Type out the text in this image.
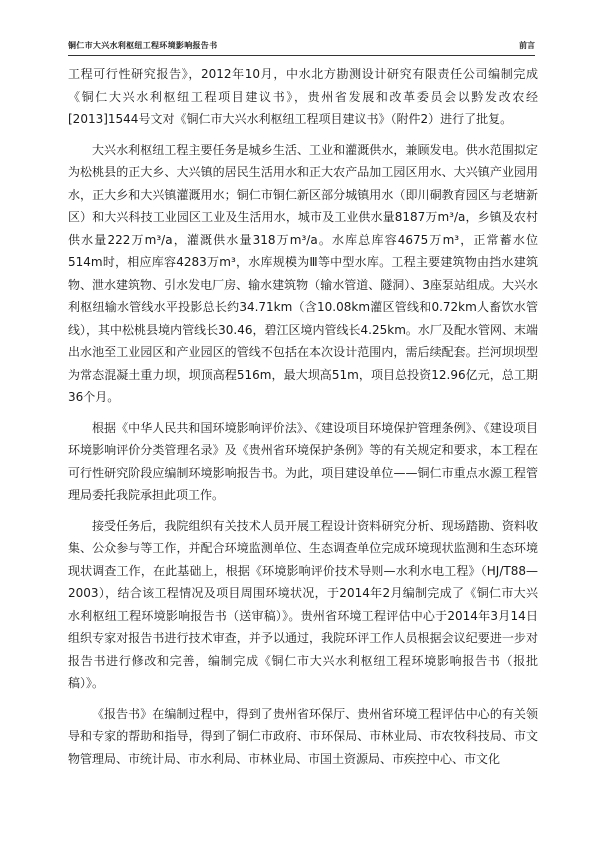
铜仁市大兴水利枢纽工程环境影响报告书	前言

工程可行性研究报告》，2012年10月，中水北方勘测设计研究有限责任公司编制完成《铜仁大兴水利枢纽工程项目建议书》，贵州省发展和改革委员会以黔发改农经[2013]1544号文对《铜仁市大兴水利枢纽工程项目建议书》（附件2）进行了批复。

大兴水利枢纽工程主要任务是城乡生活、工业和灌溉供水，兼顾发电。供水范围拟定为松桃县的正大乡、大兴镇的居民生活用水和正大农产品加工园区用水、大兴镇产业园用水，正大乡和大兴镇灌溉用水；铜仁市铜仁新区部分城镇用水（即川硐教育园区与老塘新区）和大兴科技工业园区工业及生活用水，城市及工业供水量8187万m³/a，乡镇及农村供水量222万m³/a，灌溉供水量318万m³/a。水库总库容4675万m³，正常蓄水位514m时，相应库容4283万m³，水库规模为Ⅲ等中型水库。工程主要建筑物由挡水建筑物、泄水建筑物、引水发电厂房、输水建筑物（输水管道、隧洞）、3座泵站组成。大兴水利枢纽输水管线水平投影总长约34.71km（含10.08km灌区管线和0.72km人畜饮水管线），其中松桃县境内管线长30.46，碧江区境内管线长4.25km。水厂及配水管网、末端出水池至工业园区和产业园区的管线不包括在本次设计范围内，需后续配套。拦河坝坝型为常态混凝土重力坝，坝顶高程516m，最大坝高51m，项目总投资12.96亿元，总工期36个月。

根据《中华人民共和国环境影响评价法》、《建设项目环境保护管理条例》、《建设项目环境影响评价分类管理名录》及《贵州省环境保护条例》等的有关规定和要求，本工程在可行性研究阶段应编制环境影响报告书。为此，项目建设单位——铜仁市重点水源工程管理局委托我院承担此项工作。

接受任务后，我院组织有关技术人员开展工程设计资料研究分析、现场踏勘、资料收集、公众参与等工作，并配合环境监测单位、生态调查单位完成环境现状监测和生态环境现状调查工作，在此基础上，根据《环境影响评价技术导则—水利水电工程》（HJ/T88—2003），结合该工程情况及项目周围环境状况，于2014年2月编制完成了《铜仁市大兴水利枢纽工程环境影响报告书（送审稿）》。贵州省环境工程评估中心于2014年3月14日组织专家对报告书进行技术审查，并予以通过，我院环评工作人员根据会议纪要进一步对报告书进行修改和完善，编制完成《铜仁市大兴水利枢纽工程环境影响报告书（报批稿）》。

《报告书》在编制过程中，得到了贵州省环保厅、贵州省环境工程评估中心的有关领导和专家的帮助和指导，得到了铜仁市政府、市环保局、市林业局、市农牧科技局、市文物管理局、市统计局、市水利局、市林业局、市国土资源局、市疾控中心、市文化
